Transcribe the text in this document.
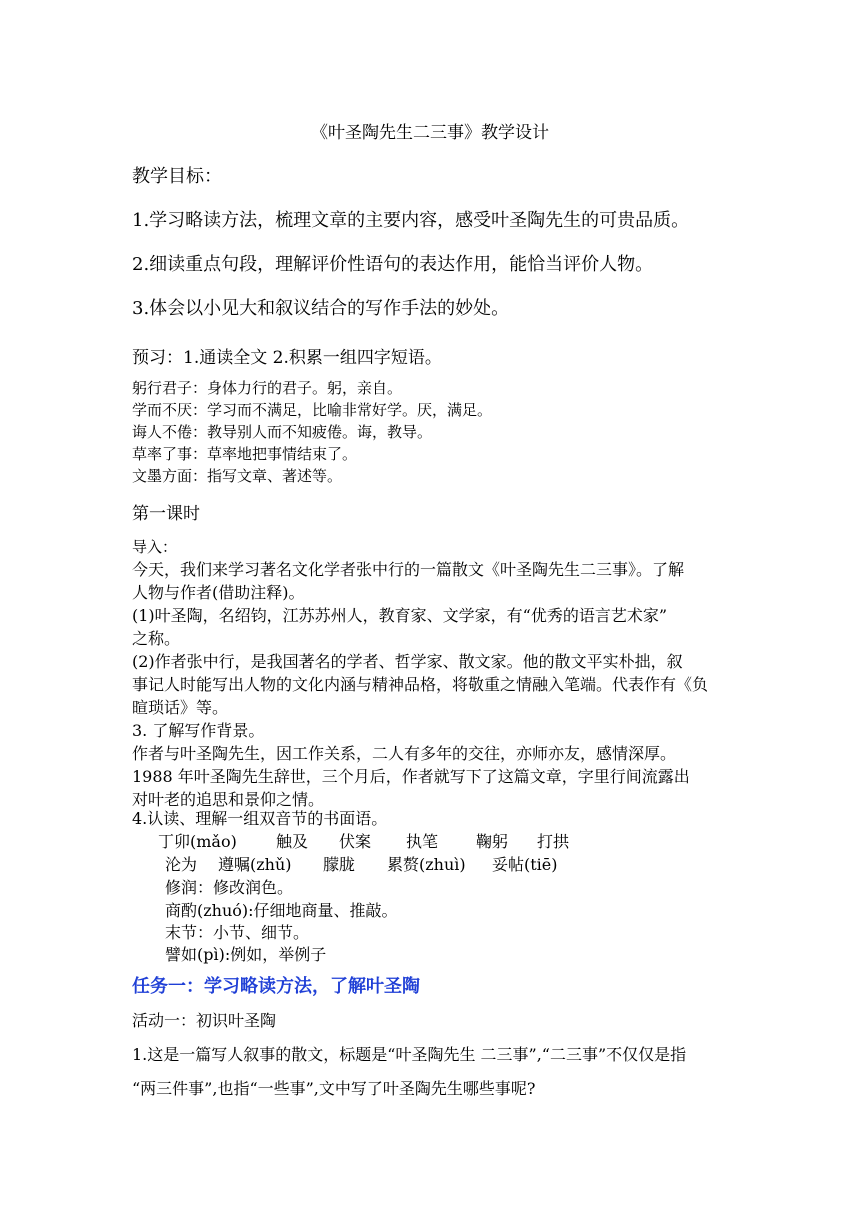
《叶圣陶先生二三事》教学设计
教学目标：
1.学习略读方法，梳理文章的主要内容，感受叶圣陶先生的可贵品质。
2.细读重点句段，理解评价性语句的表达作用，能恰当评价人物。
3.体会以小见大和叙议结合的写作手法的妙处。
预习：1.通读全文 2.积累一组四字短语。
躬行君子：身体力行的君子。躬，亲自。
学而不厌：学习而不满足，比喻非常好学。厌，满足。
诲人不倦：教导别人而不知疲倦。诲，教导。
草率了事：草率地把事情结束了。
文墨方面：指写文章、著述等。
第一课时
导入：
今天，我们来学习著名文化学者张中行的一篇散文《叶圣陶先生二三事》。了解
人物与作者(借助注释)。
(1)叶圣陶，名绍钧，江苏苏州人，教育家、文学家，有“优秀的语言艺术家”
之称。
(2)作者张中行，是我国著名的学者、哲学家、散文家。他的散文平实朴拙，叙
事记人时能写出人物的文化内涵与精神品格，将敬重之情融入笔端。代表作有《负
暄琐话》等。
3. 了解写作背景。
作者与叶圣陶先生，因工作关系，二人有多年的交往，亦师亦友，感情深厚。
1988 年叶圣陶先生辞世，三个月后，作者就写下了这篇文章，字里行间流露出
对叶老的追思和景仰之情。
4.认读、理解一组双音节的书面语。
丁卯(mǎo) 触及 伏案 执笔 鞠躬 打拱
沦为 遵嘱(zhǔ) 朦胧 累赘(zhuì) 妥帖(tiē)
修润：修改润色。
商酌(zhuó):仔细地商量、推敲。
末节：小节、细节。
譬如(pì):例如，举例子
任务一：学习略读方法，了解叶圣陶
活动一：初识叶圣陶
1.这是一篇写人叙事的散文，标题是“叶圣陶先生 二三事”,“二三事”不仅仅是指
“两三件事”,也指“一些事”,文中写了叶圣陶先生哪些事呢?
